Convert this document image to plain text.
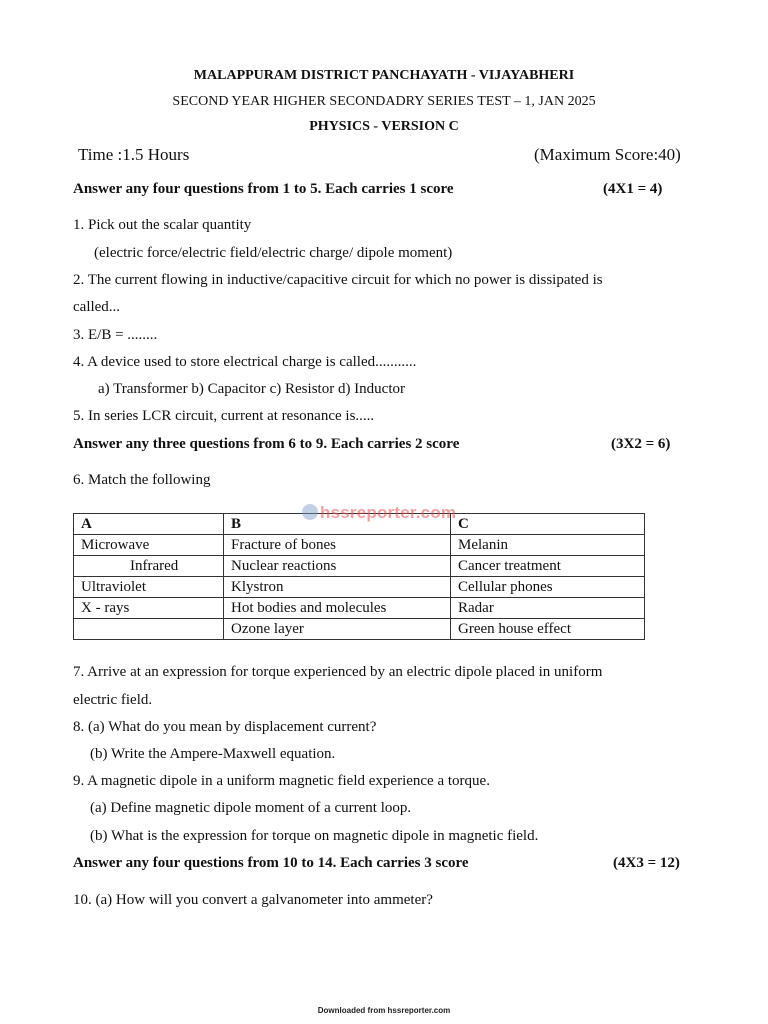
MALAPPURAM DISTRICT PANCHAYATH - VIJAYABHERI
SECOND YEAR HIGHER SECONDADRY SERIES TEST – 1, JAN 2025
PHYSICS - VERSION C
Time :1.5 Hours	(Maximum Score:40)
Answer any four questions from 1 to 5. Each carries 1 score	(4X1 = 4)
1. Pick out the scalar quantity
(electric force/electric field/electric charge/ dipole moment)
2. The current flowing in inductive/capacitive circuit for which no power is dissipated is
called...
3. E/B = ........
4. A device used to store electrical charge is called...........
a) Transformer b) Capacitor c) Resistor d) Inductor
5. In series LCR circuit, current at resonance is.....
Answer any three questions from 6 to 9. Each carries 2 score	(3X2 = 6)
6. Match the following
A	B	C
Microwave	Fracture of bones	Melanin
Infrared	Nuclear reactions	Cancer treatment
Ultraviolet	Klystron	Cellular phones
X - rays	Hot bodies and molecules	Radar
	Ozone layer	Green house effect
hssreporter.com
7. Arrive at an expression for torque experienced by an electric dipole placed in uniform
electric field.
8. (a) What do you mean by displacement current?
(b) Write the Ampere-Maxwell equation.
9. A magnetic dipole in a uniform magnetic field experience a torque.
(a) Define magnetic dipole moment of a current loop.
(b) What is the expression for torque on magnetic dipole in magnetic field.
Answer any four questions from 10 to 14. Each carries 3 score	(4X3 = 12)
10. (a) How will you convert a galvanometer into ammeter?
Downloaded from hssreporter.com
